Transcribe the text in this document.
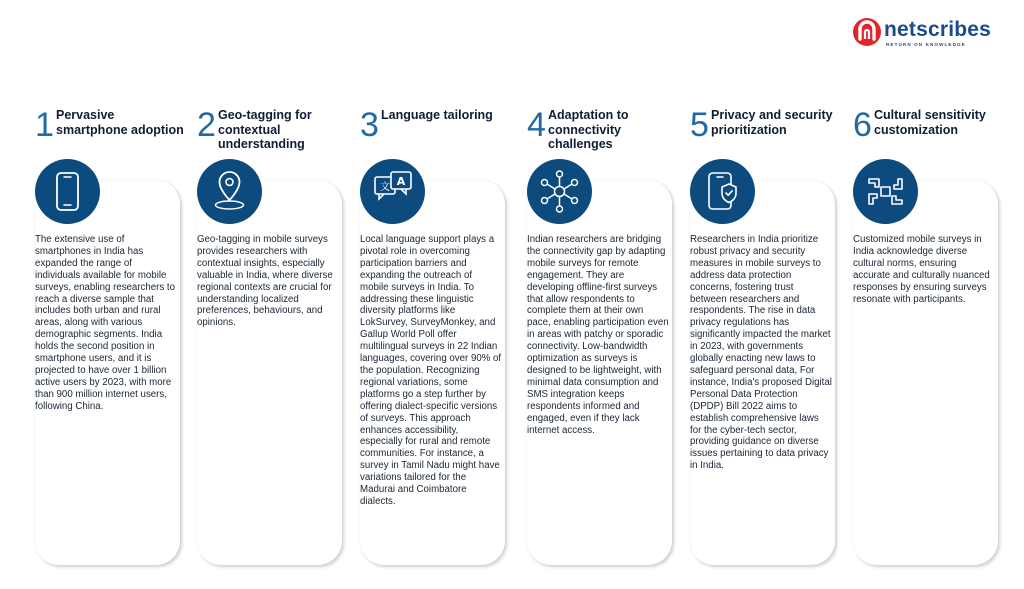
netscribes
RETURN ON KNOWLEDGE
1 Pervasive smartphone adoption
The extensive use of smartphones in India has expanded the range of individuals available for mobile surveys, enabling researchers to reach a diverse sample that includes both urban and rural areas, along with various demographic segments. India holds the second position in smartphone users, and it is projected to have over 1 billion active users by 2023, with more than 900 million internet users, following China.
2 Geo-tagging for contextual understanding
Geo-tagging in mobile surveys provides researchers with contextual insights, especially valuable in India, where diverse regional contexts are crucial for understanding localized preferences, behaviours, and opinions.
3 Language tailoring
文 A
Local language support plays a pivotal role in overcoming participation barriers and expanding the outreach of mobile surveys in India. To addressing these linguistic diversity platforms like LokSurvey, SurveyMonkey, and Gallup World Poll offer multilingual surveys in 22 Indian languages, covering over 90% of the population. Recognizing regional variations, some platforms go a step further by offering dialect-specific versions of surveys. This approach enhances accessibility, especially for rural and remote communities. For instance, a survey in Tamil Nadu might have variations tailored for the Madurai and Coimbatore dialects.
4 Adaptation to connectivity challenges
Indian researchers are bridging the connectivity gap by adapting mobile surveys for remote engagement. They are developing offline-first surveys that allow respondents to complete them at their own pace, enabling participation even in areas with patchy or sporadic connectivity. Low-bandwidth optimization as surveys is designed to be lightweight, with minimal data consumption and SMS integration keeps respondents informed and engaged, even if they lack internet access.
5 Privacy and security prioritization
Researchers in India prioritize robust privacy and security measures in mobile surveys to address data protection concerns, fostering trust between researchers and respondents. The rise in data privacy regulations has significantly impacted the market in 2023, with governments globally enacting new laws to safeguard personal data, For instance, India's proposed Digital Personal Data Protection (DPDP) Bill 2022 aims to establish comprehensive laws for the cyber-tech sector, providing guidance on diverse issues pertaining to data privacy in India.
6 Cultural sensitivity customization
Customized mobile surveys in India acknowledge diverse cultural norms, ensuring accurate and culturally nuanced responses by ensuring surveys resonate with participants.
